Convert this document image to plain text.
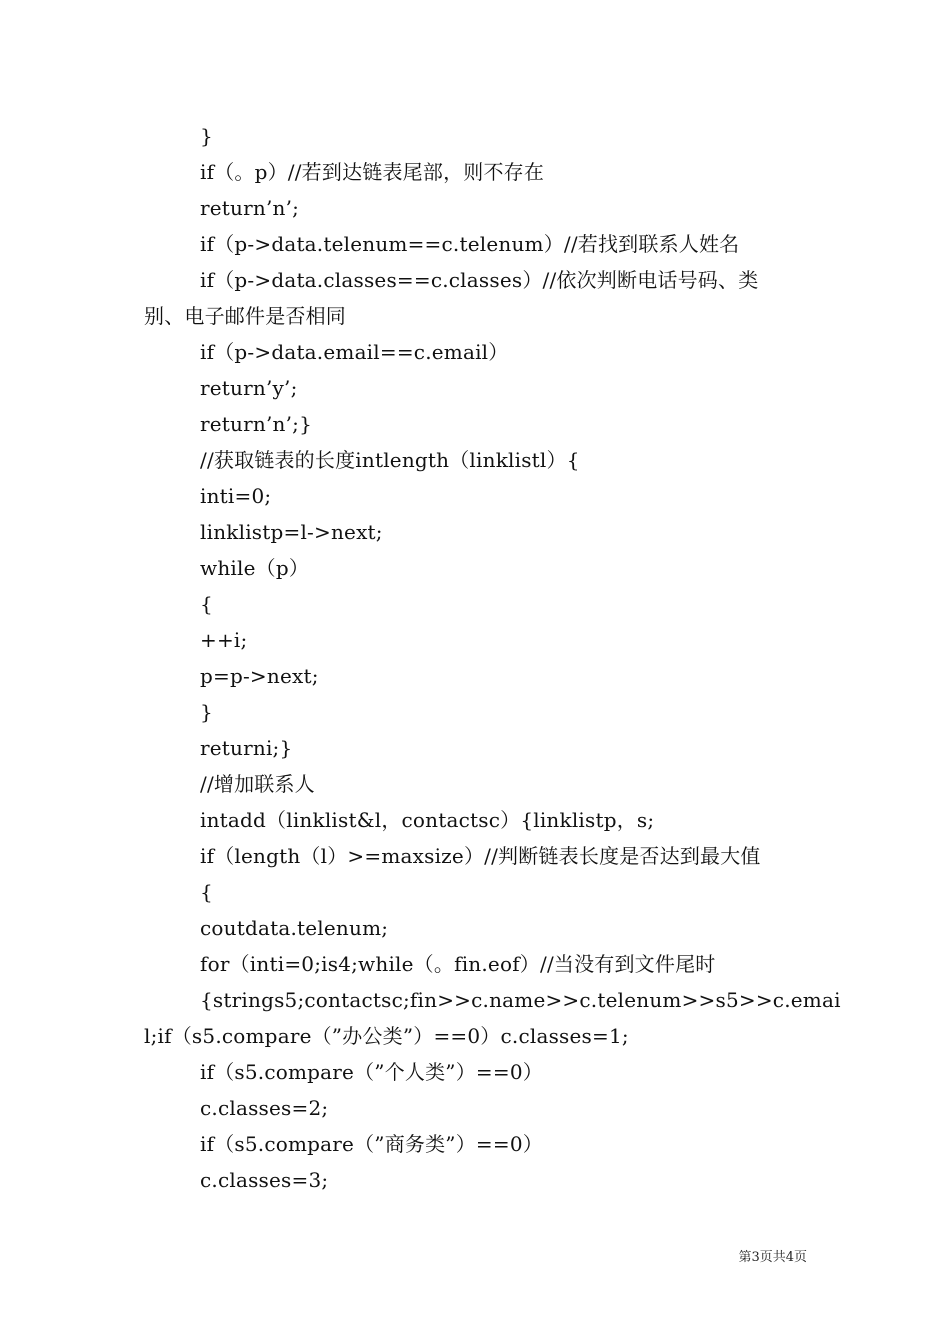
}
if（。p）//若到达链表尾部，则不存在
return’n’;
if（p->data.telenum==c.telenum）//若找到联系人姓名
if（p->data.classes==c.classes）//依次判断电话号码、类
别、电子邮件是否相同
if（p->data.email==c.email）
return’y’;
return’n’;}
//获取链表的长度intlength（linklistl）{
inti=0;
linklistp=l->next;
while（p）
{
++i;
p=p->next;
}
returni;}
//增加联系人
intadd（linklist&l，contactsc）{linklistp，s;
if（length（l）>=maxsize）//判断链表长度是否达到最大值
{
coutdata.telenum;
for（inti=0;is4;while（。fin.eof）//当没有到文件尾时
{strings5;contactsc;fin>>c.name>>c.telenum>>s5>>c.emai
l;if（s5.compare（”办公类”）==0）c.classes=1;
if（s5.compare（”个人类”）==0）
c.classes=2;
if（s5.compare（”商务类”）==0）
c.classes=3;
第3页共4页
